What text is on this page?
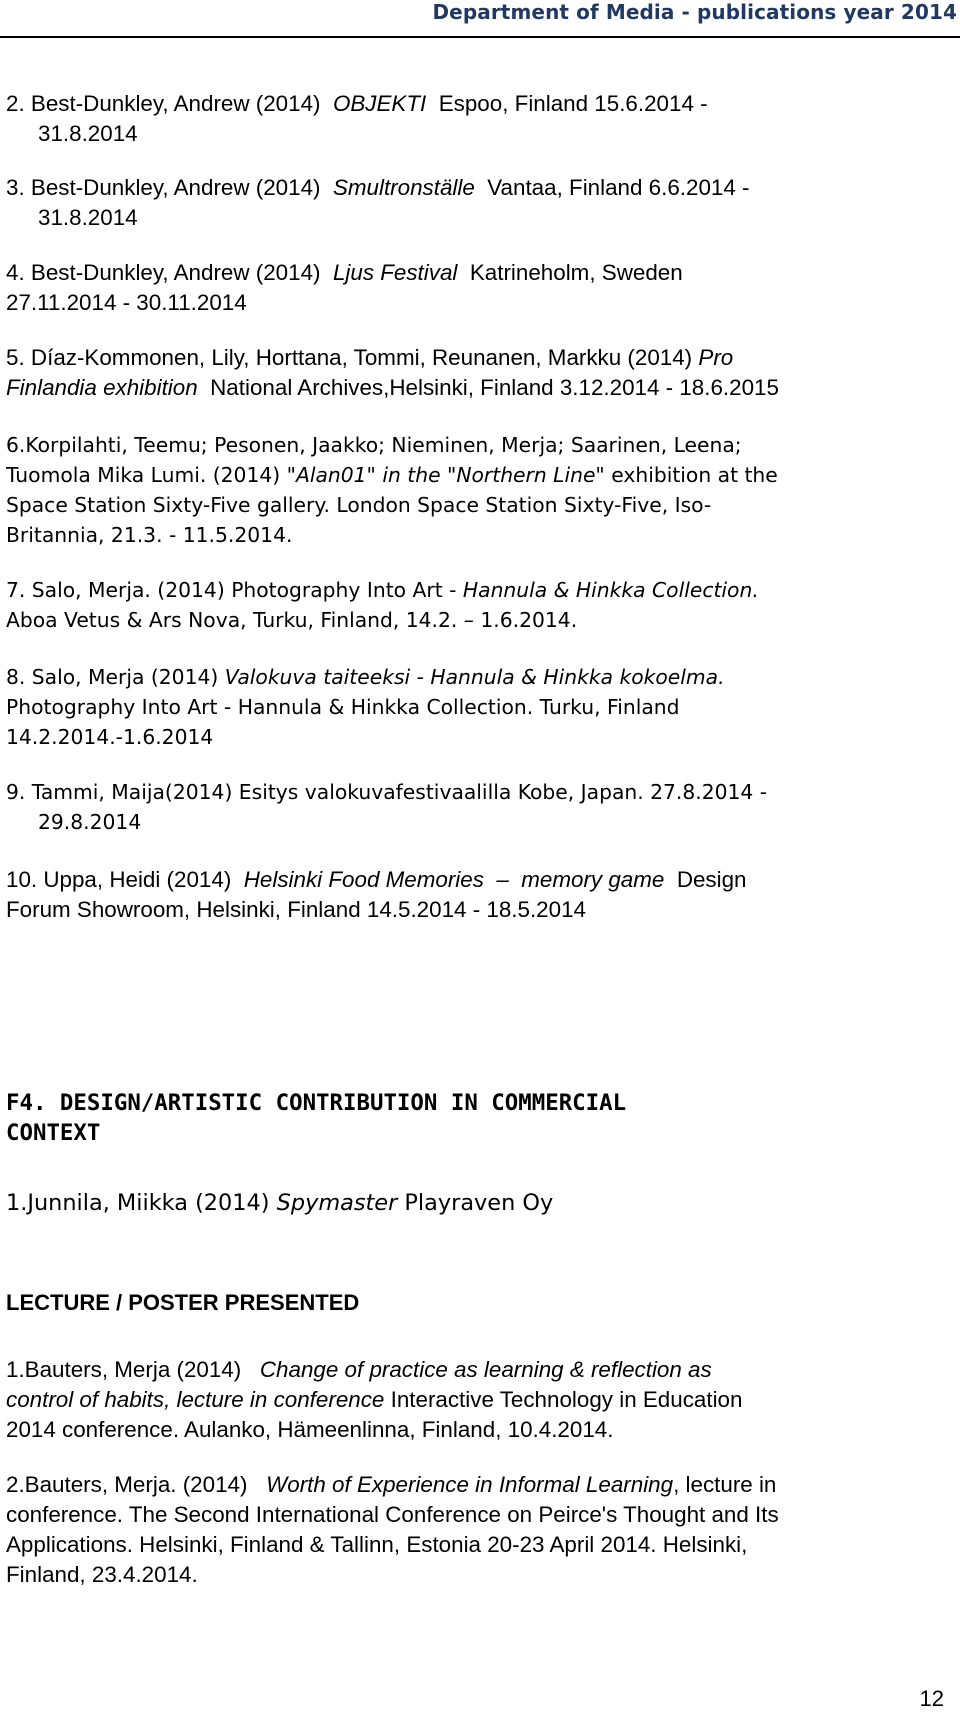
Department of Media - publications year 2014
2. Best-Dunkley, Andrew (2014) OBJEKTI Espoo, Finland 15.6.2014 -
31.8.2014
3. Best-Dunkley, Andrew (2014) Smultronställe Vantaa, Finland 6.6.2014 -
31.8.2014
4. Best-Dunkley, Andrew (2014) Ljus Festival Katrineholm, Sweden
27.11.2014 - 30.11.2014
5. Díaz-Kommonen, Lily, Horttana, Tommi, Reunanen, Markku (2014) Pro
Finlandia exhibition National Archives,Helsinki, Finland 3.12.2014 - 18.6.2015
6.Korpilahti, Teemu; Pesonen, Jaakko; Nieminen, Merja; Saarinen, Leena;
Tuomola Mika Lumi. (2014) "Alan01" in the "Northern Line" exhibition at the
Space Station Sixty-Five gallery. London Space Station Sixty-Five, Iso-
Britannia, 21.3. - 11.5.2014.
7. Salo, Merja. (2014) Photography Into Art - Hannula & Hinkka Collection.
Aboa Vetus & Ars Nova, Turku, Finland, 14.2. – 1.6.2014.
8. Salo, Merja (2014) Valokuva taiteeksi - Hannula & Hinkka kokoelma.
Photography Into Art - Hannula & Hinkka Collection. Turku, Finland
14.2.2014.-1.6.2014
9. Tammi, Maija(2014) Esitys valokuvafestivaalilla Kobe, Japan. 27.8.2014 -
29.8.2014
10. Uppa, Heidi (2014) Helsinki Food Memories – memory game Design
Forum Showroom, Helsinki, Finland 14.5.2014 - 18.5.2014
F4. DESIGN/ARTISTIC CONTRIBUTION IN COMMERCIAL
CONTEXT
1.Junnila, Miikka (2014) Spymaster Playraven Oy
LECTURE / POSTER PRESENTED
1.Bauters, Merja (2014) Change of practice as learning & reflection as
control of habits, lecture in conference Interactive Technology in Education
2014 conference. Aulanko, Hämeenlinna, Finland, 10.4.2014.
2.Bauters, Merja. (2014) Worth of Experience in Informal Learning, lecture in
conference. The Second International Conference on Peirce's Thought and Its
Applications. Helsinki, Finland & Tallinn, Estonia 20-23 April 2014. Helsinki,
Finland, 23.4.2014.
12
